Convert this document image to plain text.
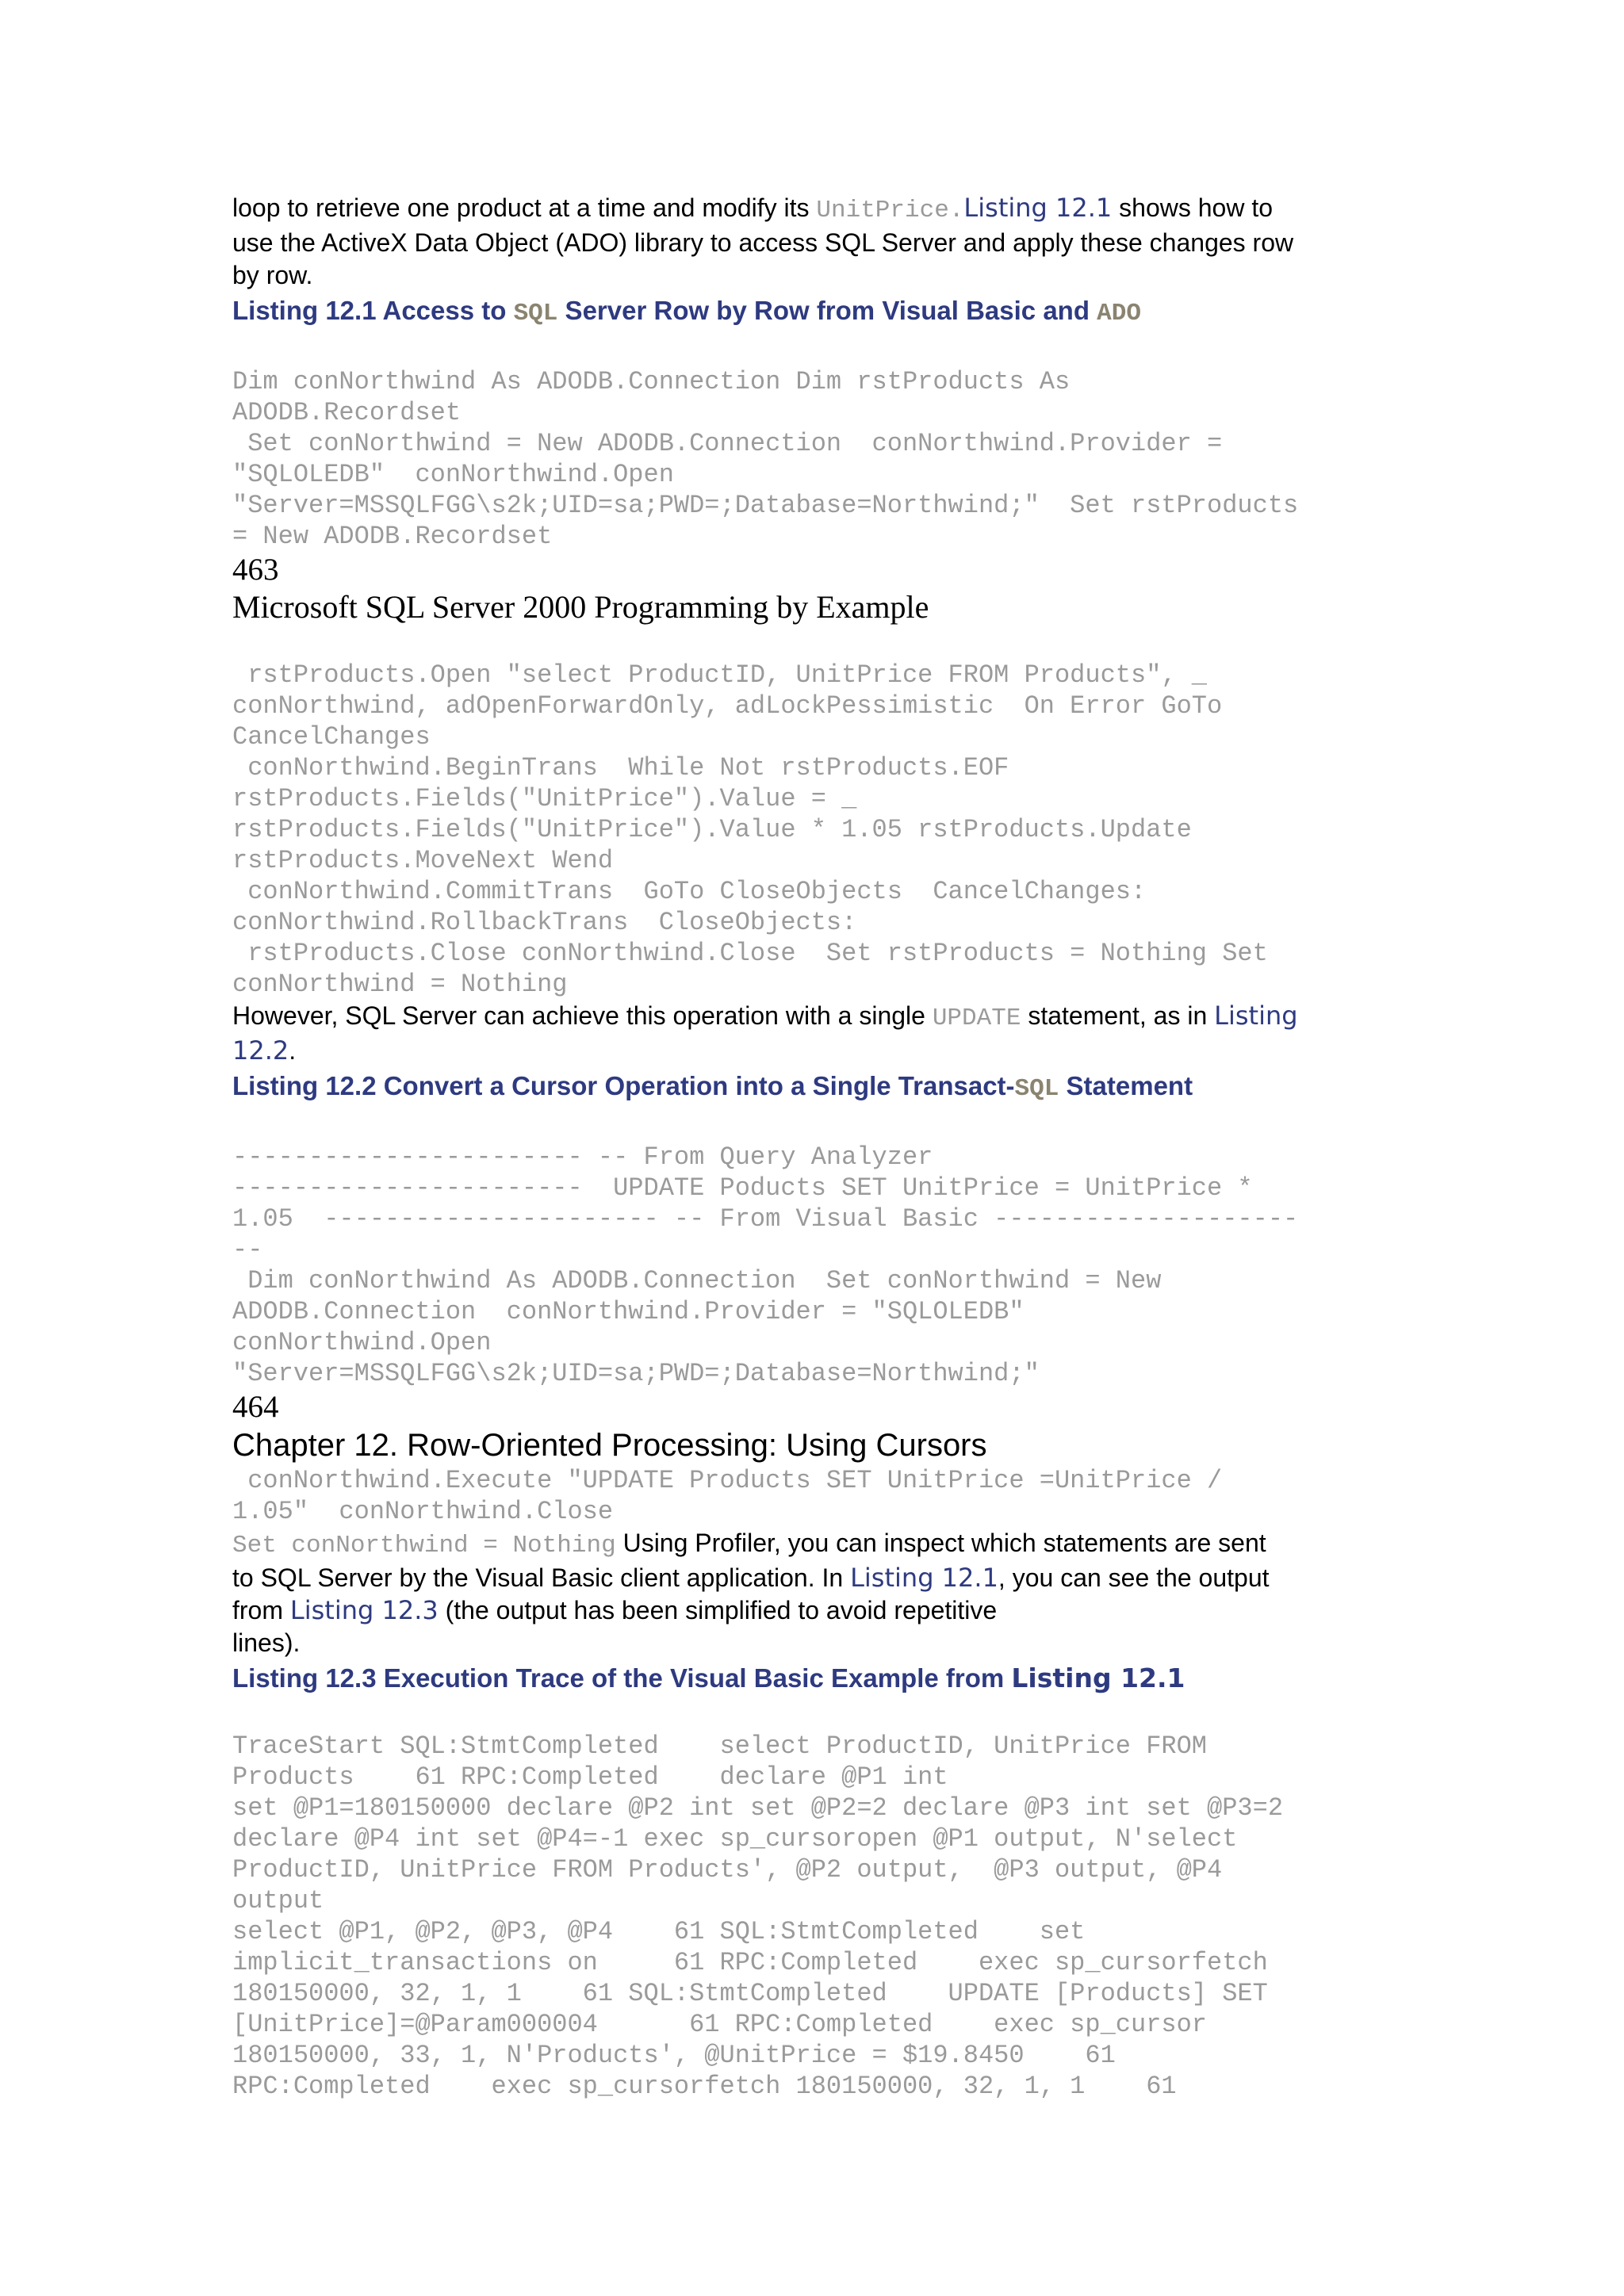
loop to retrieve one product at a time and modify its UnitPrice.Listing 12.1 shows how to
use the ActiveX Data Object (ADO) library to access SQL Server and apply these changes row
by row.

Listing 12.1 Access to SQL Server Row by Row from Visual Basic and ADO

Dim conNorthwind As ADODB.Connection Dim rstProducts As
ADODB.Recordset
Set conNorthwind = New ADODB.Connection  conNorthwind.Provider =
"SQLOLEDB"  conNorthwind.Open
"Server=MSSQLFGG\s2k;UID=sa;PWD=;Database=Northwind;"  Set rstProducts
= New ADODB.Recordset

463

Microsoft SQL Server 2000 Programming by Example

rstProducts.Open "select ProductID, UnitPrice FROM Products", _
conNorthwind, adOpenForwardOnly, adLockPessimistic  On Error GoTo
CancelChanges
conNorthwind.BeginTrans  While Not rstProducts.EOF
rstProducts.Fields("UnitPrice").Value = _
rstProducts.Fields("UnitPrice").Value * 1.05 rstProducts.Update
rstProducts.MoveNext Wend
conNorthwind.CommitTrans  GoTo CloseObjects  CancelChanges:
conNorthwind.RollbackTrans  CloseObjects:
rstProducts.Close conNorthwind.Close  Set rstProducts = Nothing Set
conNorthwind = Nothing

However, SQL Server can achieve this operation with a single UPDATE statement, as in Listing
12.2.

Listing 12.2 Convert a Cursor Operation into a Single Transact-SQL Statement

----------------------- -- From Query Analyzer
-----------------------  UPDATE Poducts SET UnitPrice = UnitPrice *
1.05  ---------------------- -- From Visual Basic --------------------
--
Dim conNorthwind As ADODB.Connection  Set conNorthwind = New
ADODB.Connection  conNorthwind.Provider = "SQLOLEDB"
conNorthwind.Open
"Server=MSSQLFGG\s2k;UID=sa;PWD=;Database=Northwind;"

464

Chapter 12. Row-Oriented Processing: Using Cursors

conNorthwind.Execute "UPDATE Products SET UnitPrice =UnitPrice /
1.05"  conNorthwind.Close

Set conNorthwind = Nothing Using Profiler, you can inspect which statements are sent
to SQL Server by the Visual Basic client application. In Listing 12.1, you can see the output
from Listing 12.3 (the output has been simplified to avoid repetitive
lines).

Listing 12.3 Execution Trace of the Visual Basic Example from Listing 12.1

TraceStart SQL:StmtCompleted    select ProductID, UnitPrice FROM
Products    61 RPC:Completed    declare @P1 int
set @P1=180150000 declare @P2 int set @P2=2 declare @P3 int set @P3=2
declare @P4 int set @P4=-1 exec sp_cursoropen @P1 output, N'select
ProductID, UnitPrice FROM Products', @P2 output,  @P3 output, @P4
output
select @P1, @P2, @P3, @P4    61 SQL:StmtCompleted    set
implicit_transactions on     61 RPC:Completed    exec sp_cursorfetch
180150000, 32, 1, 1    61 SQL:StmtCompleted    UPDATE [Products] SET
[UnitPrice]=@Param000004      61 RPC:Completed    exec sp_cursor
180150000, 33, 1, N'Products', @UnitPrice = $19.8450    61
RPC:Completed    exec sp_cursorfetch 180150000, 32, 1, 1    61
